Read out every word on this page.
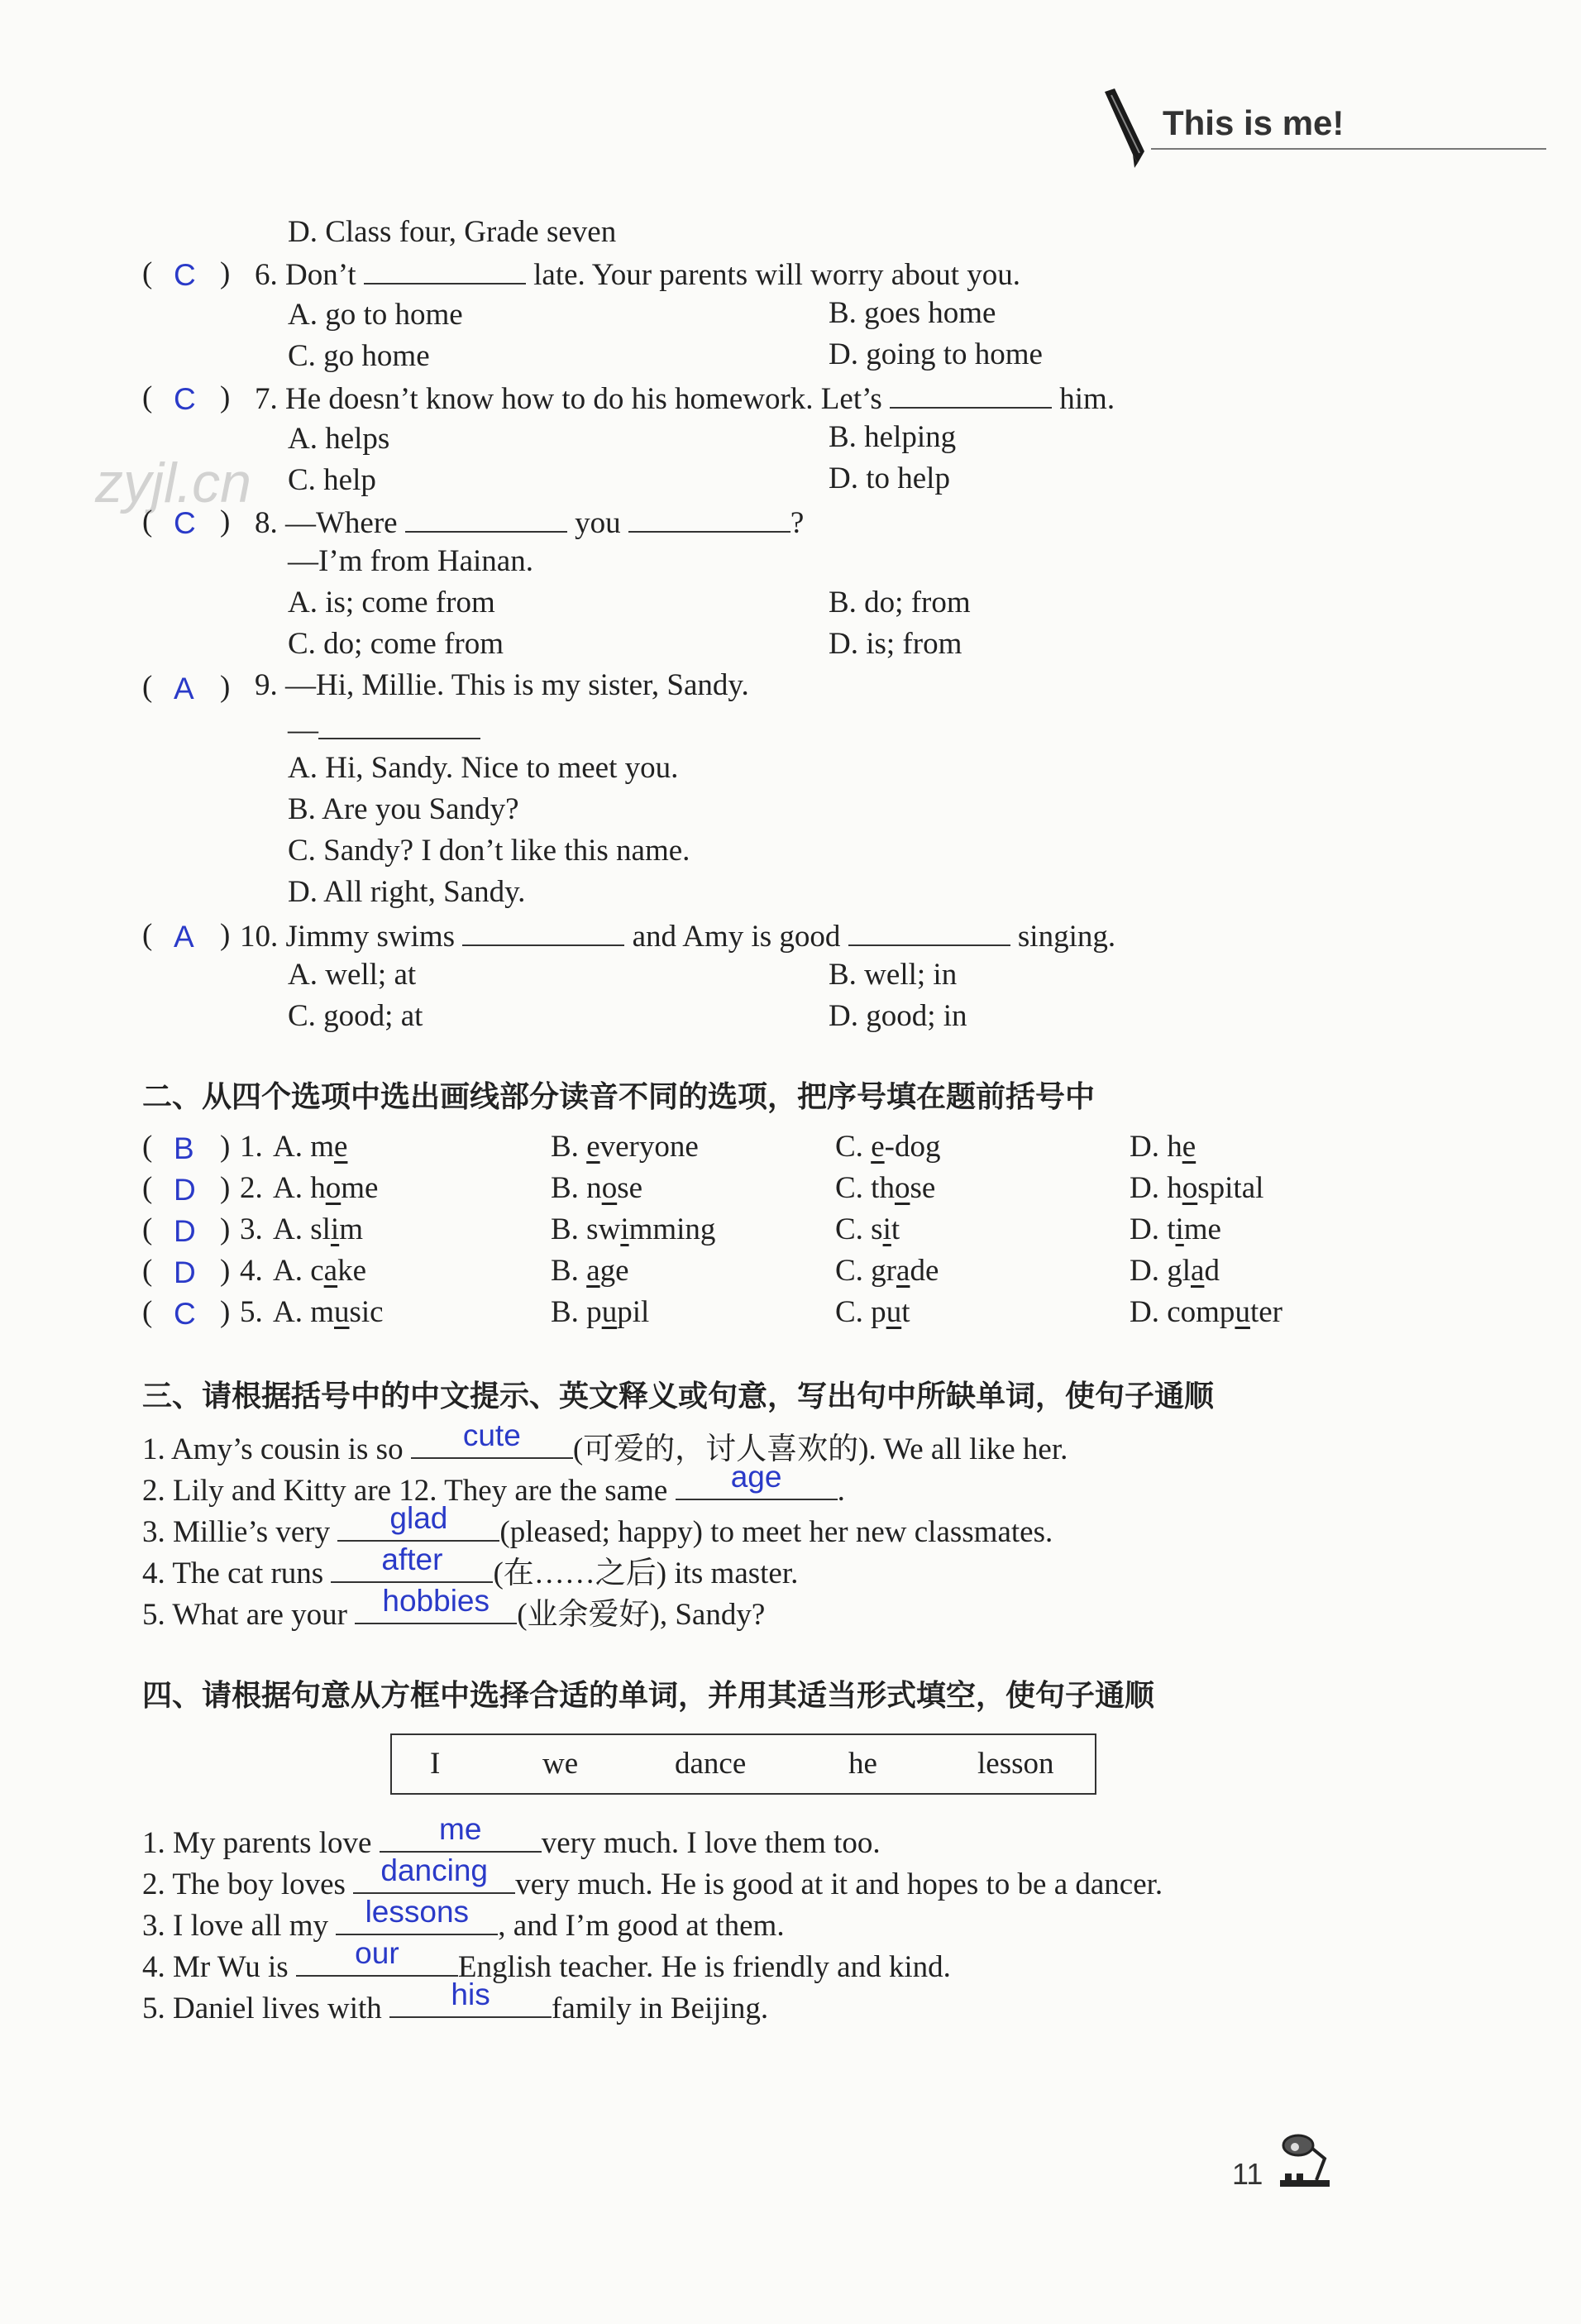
This is me!
zyjl.cn
D. Class four, Grade seven
( C ) 6. Don’t	late. Your parents will worry about you.
A. go to home	B. goes home
C. go home	D. going to home
( C ) 7. He doesn’t know how to do his homework. Let’s	him.
A. helps	B. helping
C. help	D. to help
( C ) 8. —Where	you	?
—I’m from Hainan.
A. is; come from	B. do; from
C. do; come from	D. is; from
( A ) 9. —Hi, Millie. This is my sister, Sandy.
—
A. Hi, Sandy. Nice to meet you.
B. Are you Sandy?
C. Sandy? I don’t like this name.
D. All right, Sandy.
( A ) 10. Jimmy swims	and Amy is good	singing.
A. well; at	B. well; in
C. good; at	D. good; in
二、从四个选项中选出画线部分读音不同的选项，把序号填在题前括号中
( B ) 1. A. me	B. everyone	C. e-dog	D. he
( D ) 2. A. home	B. nose	C. those	D. hospital
( D ) 3. A. slim	B. swimming	C. sit	D. time
( D ) 4. A. cake	B. age	C. grade	D. glad
( C ) 5. A. music	B. pupil	C. put	D. computer
三、请根据括号中的中文提示、英文释义或句意，写出句中所缺单词，使句子通顺
1. Amy’s cousin is so	cute	(可爱的，讨人喜欢的). We all like her.
2. Lily and Kitty are 12. They are the same	age	.
3. Millie’s very	glad	(pleased; happy) to meet her new classmates.
4. The cat runs	after	(在……之后) its master.
5. What are your	hobbies (业余爱好), Sandy?
四、请根据句意从方框中选择合适的单词，并用其适当形式填空，使句子通顺
I	we	dance	he	lesson
1. My parents love	me	very much. I love them too.
2. The boy loves	dancing very much. He is good at it and hopes to be a dancer.
3. I love all my	lessons , and I’m good at them.
4. Mr Wu is	our	English teacher. He is friendly and kind.
5. Daniel lives with	his	family in Beijing.
11
